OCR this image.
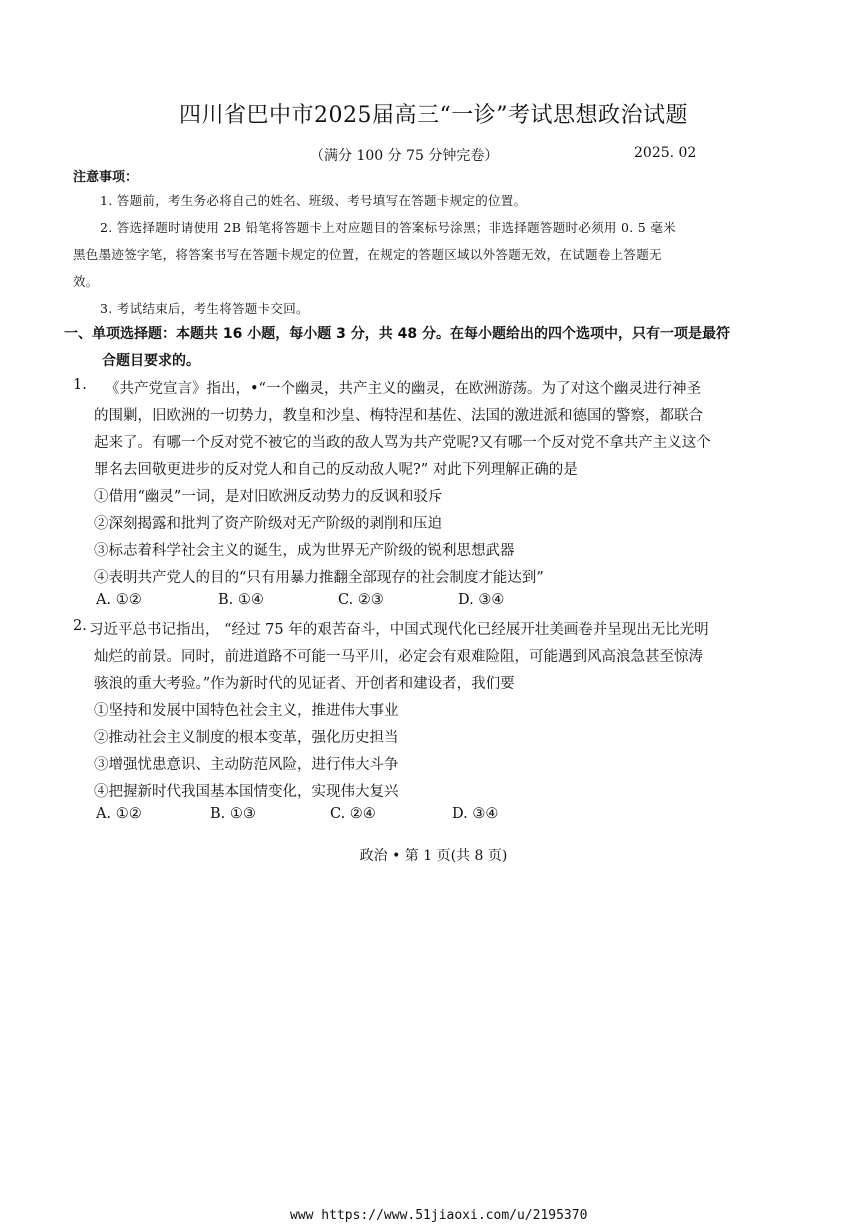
四川省巴中市2025届高三“一诊”考试思想政治试题
（满分 100 分 75 分钟完卷）	2025. 02
注意事项：
1. 答题前，考生务必将自己的姓名、班级、考号填写在答题卡规定的位置。
2. 答选择题时请使用 2B 铅笔将答题卡上对应题目的答案标号涂黑；非选择题答题时必须用 0. 5 毫米
黑色墨迹签字笔，将答案书写在答题卡规定的位置，在规定的答题区域以外答题无效，在试题卷上答题无
效。
3. 考试结束后，考生将答题卡交回。
一、单项选择题：本题共 16 小题，每小题 3 分，共 48 分。在每小题给出的四个选项中，只有一项是最符
合题目要求的。
1. 《共产党宣言》指出，•“一个幽灵，共产主义的幽灵，在欧洲游荡。为了对这个幽灵进行神圣
的围剿，旧欧洲的一切势力，教皇和沙皇、梅特涅和基佐、法国的激进派和德国的警察，都联合
起来了。有哪一个反对党不被它的当政的敌人骂为共产党呢?又有哪一个反对党不拿共产主义这个
罪名去回敬更进步的反对党人和自己的反动敌人呢?” 对此下列理解正确的是
①借用“幽灵”一词，是对旧欧洲反动势力的反讽和驳斥
②深刻揭露和批判了资产阶级对无产阶级的剥削和压迫
③标志着科学社会主义的诞生，成为世界无产阶级的锐利思想武器
④表明共产党人的目的“只有用暴力推翻全部现存的社会制度才能达到”
A. ①②	B. ①④	C. ②③	D. ③④
2. 习近平总书记指出， “经过 75 年的艰苦奋斗，中国式现代化已经展开壮美画卷并呈现出无比光明
灿烂的前景。同时，前进道路不可能一马平川，必定会有艰难险阻，可能遇到风高浪急甚至惊涛
骇浪的重大考验。”作为新时代的见证者、开创者和建设者，我们要
①坚持和发展中国特色社会主义，推进伟大事业
②推动社会主义制度的根本变革，强化历史担当
③增强忧患意识、主动防范风险，进行伟大斗争
④把握新时代我国基本国情变化，实现伟大复兴
A. ①②	B. ①③	C. ②④	D. ③④
政治 • 第 1 页(共 8 页)
www https://www.51jiaoxi.com/u/2195370
